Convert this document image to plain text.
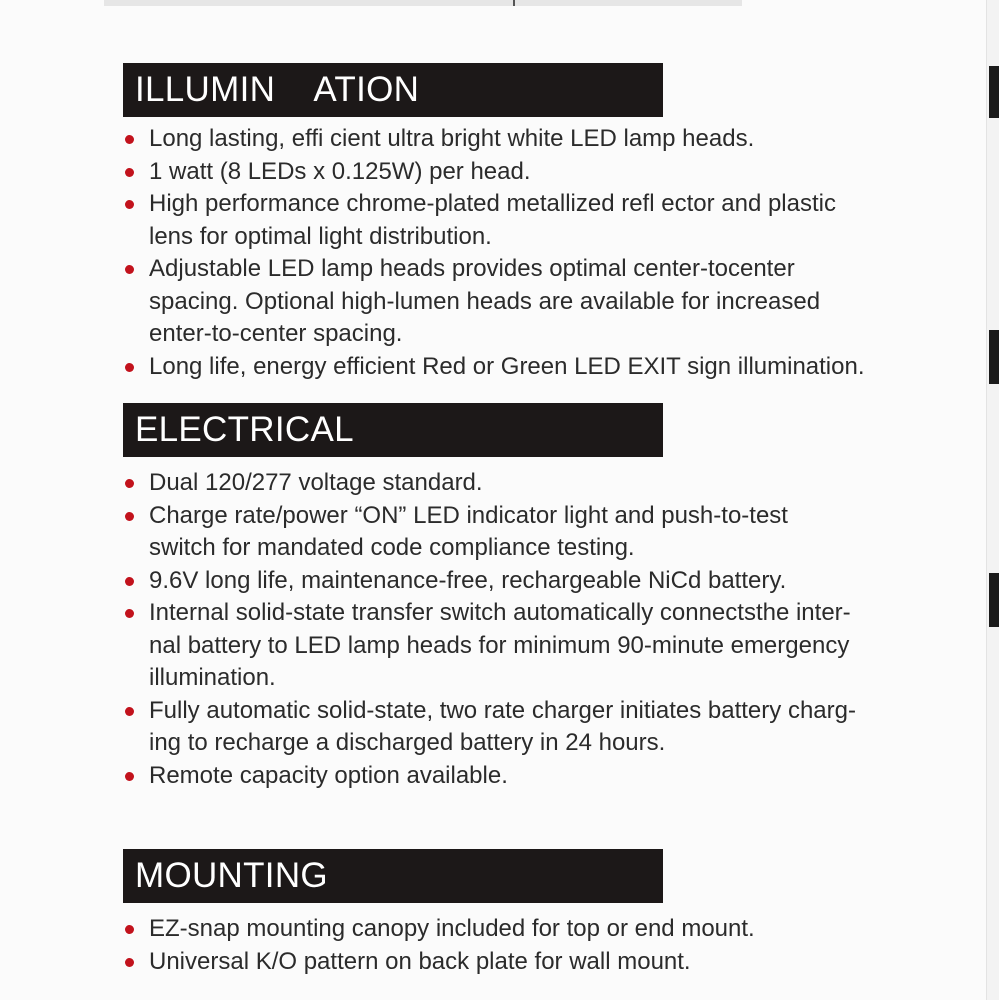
ILLUMIN    ATION
Long lasting, effi cient ultra bright white LED lamp heads.
1 watt (8 LEDs x 0.125W) per head.
High performance chrome-plated metallized refl ector and plastic
lens for optimal light distribution.
Adjustable LED lamp heads provides optimal center-tocenter
spacing. Optional high-lumen heads are available for increased
enter-to-center spacing.
Long life, energy efficient Red or Green LED EXIT sign illumination.
ELECTRICAL
Dual 120/277 voltage standard.
Charge rate/power “ON” LED indicator light and push-to-test
switch for mandated code compliance testing.
9.6V long life, maintenance-free, rechargeable NiCd battery.
Internal solid-state transfer switch automatically connectsthe inter-
nal battery to LED lamp heads for minimum 90-minute emergency
illumination.
Fully automatic solid-state, two rate charger initiates battery charg-
ing to recharge a discharged battery in 24 hours.
Remote capacity option available.
MOUNTING
EZ-snap mounting canopy included for top or end mount.
Universal K/O pattern on back plate for wall mount.
